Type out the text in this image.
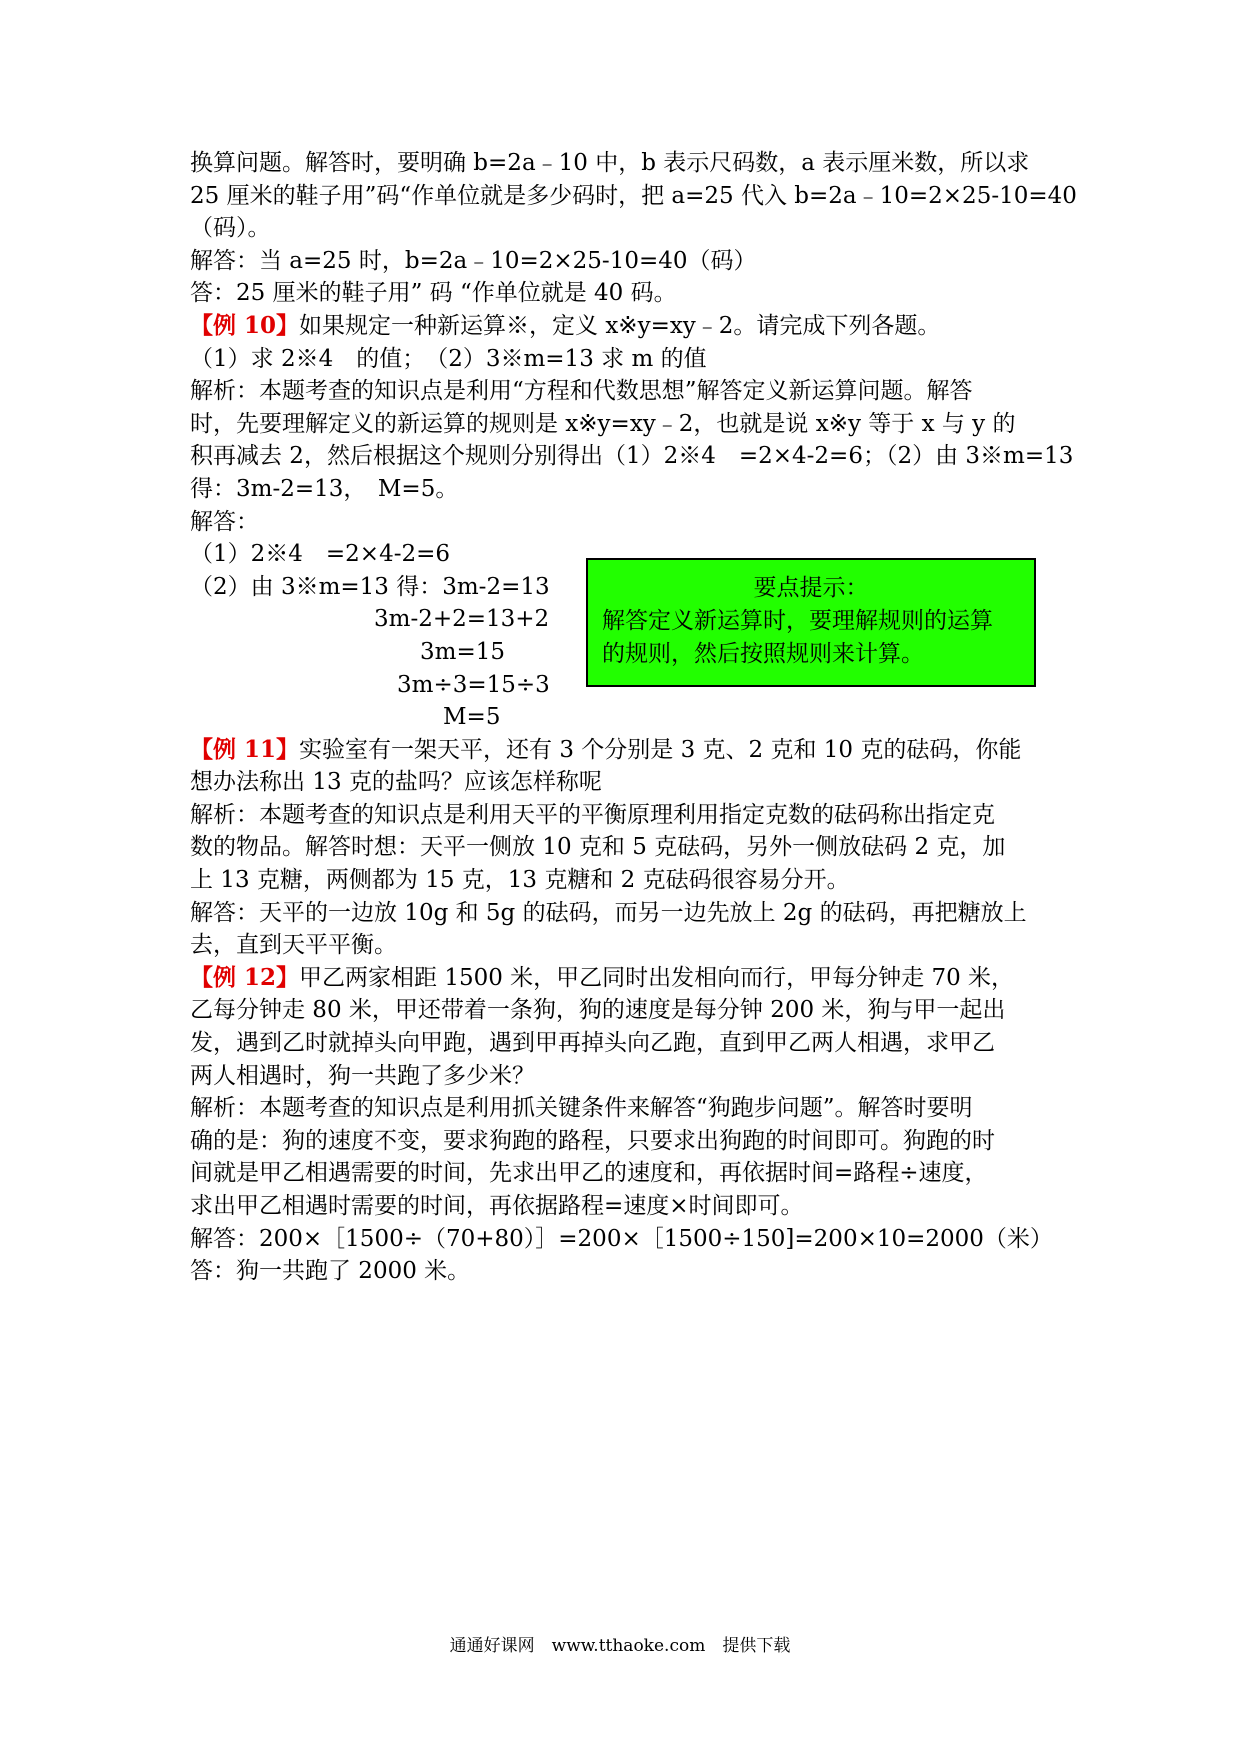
换算问题。解答时，要明确 b=2a﹣10 中，b 表示尺码数，a 表示厘米数，所以求
25 厘米的鞋子用”码“作单位就是多少码时，把 a=25 代入 b=2a﹣10=2×25-10=40
（码）。
解答：当 a=25 时，b=2a﹣10=2×25-10=40（码）
答：25 厘米的鞋子用” 码 “作单位就是 40 码。
【例 10】如果规定一种新运算※，定义 x※y=xy﹣2。请完成下列各题。
（1）求 2※4　的值；　（2）3※m=13 求 m 的值
解析：本题考查的知识点是利用“方程和代数思想”解答定义新运算问题。解答
时，先要理解定义的新运算的规则是 x※y=xy﹣2，也就是说 x※y 等于 x 与 y 的
积再减去 2，然后根据这个规则分别得出（1）2※4　=2×4-2=6；（2）由 3※m=13
得：3m-2=13，　M=5。
解答：
（1）2※4　=2×4-2=6
（2）由 3※m=13 得：3m-2=13
　　　　　　　　3m-2+2=13+2
　　　　　　　　　　3m=15
　　　　　　　　　3m÷3=15÷3
　　　　　　　　　　　M=5
【例 11】实验室有一架天平，还有 3 个分别是 3 克、2 克和 10 克的砝码，你能
想办法称出 13 克的盐吗？应该怎样称呢
解析：本题考查的知识点是利用天平的平衡原理利用指定克数的砝码称出指定克
数的物品。解答时想：天平一侧放 10 克和 5 克砝码，另外一侧放砝码 2 克，加
上 13 克糖，两侧都为 15 克，13 克糖和 2 克砝码很容易分开。
解答：天平的一边放 10g 和 5g 的砝码，而另一边先放上 2g 的砝码，再把糖放上
去，直到天平平衡。
【例 12】甲乙两家相距 1500 米，甲乙同时出发相向而行，甲每分钟走 70 米，
乙每分钟走 80 米，甲还带着一条狗，狗的速度是每分钟 200 米，狗与甲一起出
发，遇到乙时就掉头向甲跑，遇到甲再掉头向乙跑，直到甲乙两人相遇，求甲乙
两人相遇时，狗一共跑了多少米？
解析：本题考查的知识点是利用抓关键条件来解答“狗跑步问题”。解答时要明
确的是：狗的速度不变，要求狗跑的路程，只要求出狗跑的时间即可。狗跑的时
间就是甲乙相遇需要的时间，先求出甲乙的速度和，再依据时间=路程÷速度，
求出甲乙相遇时需要的时间，再依据路程=速度×时间即可。
解答：200×［1500÷（70+80）］=200×［1500÷150]=200×10=2000（米）
答：狗一共跑了 2000 米。
要点提示：
解答定义新运算时，要理解规则的运算
的规则，然后按照规则来计算。
通通好课网　www.tthaoke.com　提供下载
